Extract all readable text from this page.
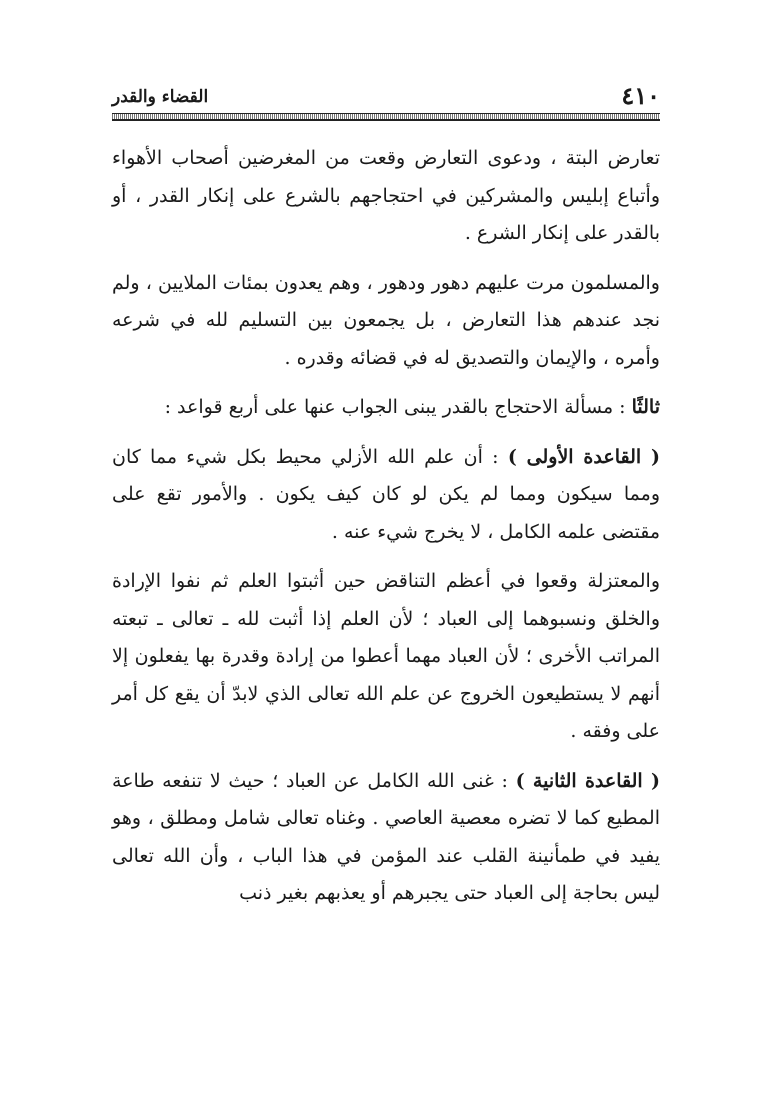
٤١٠
القضاء والقدر

تعارض البتة ، ودعوى التعارض وقعت من المغرضين أصحاب الأهواء وأتباع إبليس والمشركين في احتجاجهم بالشرع على إنكار القدر ، أو بالقدر على إنكار الشرع .

والمسلمون مرت عليهم دهور ودهور ، وهم يعدون بمئات الملايين ، ولم نجد عندهم هذا التعارض ، بل يجمعون بين التسليم لله في شرعه وأمره ، والإيمان والتصديق له في قضائه وقدره .

ثالثًا : مسألة الاحتجاج بالقدر يبنى الجواب عنها على أربع قواعد :

( القاعدة الأولى ) : أن علم الله الأزلي محيط بكل شيء مما كان ومما سيكون ومما لم يكن لو كان كيف يكون . والأمور تقع على مقتضى علمه الكامل ، لا يخرج شيء عنه .

والمعتزلة وقعوا في أعظم التناقض حين أثبتوا العلم ثم نفوا الإرادة والخلق ونسبوهما إلى العباد ؛ لأن العلم إذا أثبت لله ـ تعالى ـ تبعته المراتب الأخرى ؛ لأن العباد مهما أعطوا من إرادة وقدرة بها يفعلون إلا أنهم لا يستطيعون الخروج عن علم الله تعالى الذي لابدّ أن يقع كل أمر على وفقه .

( القاعدة الثانية ) : غنى الله الكامل عن العباد ؛ حيث لا تنفعه طاعة المطيع كما لا تضره معصية العاصي . وغناه تعالى شامل ومطلق ، وهو يفيد في طمأنينة القلب عند المؤمن في هذا الباب ، وأن الله تعالى ليس بحاجة إلى العباد حتى يجبرهم أو يعذبهم بغير ذنب
